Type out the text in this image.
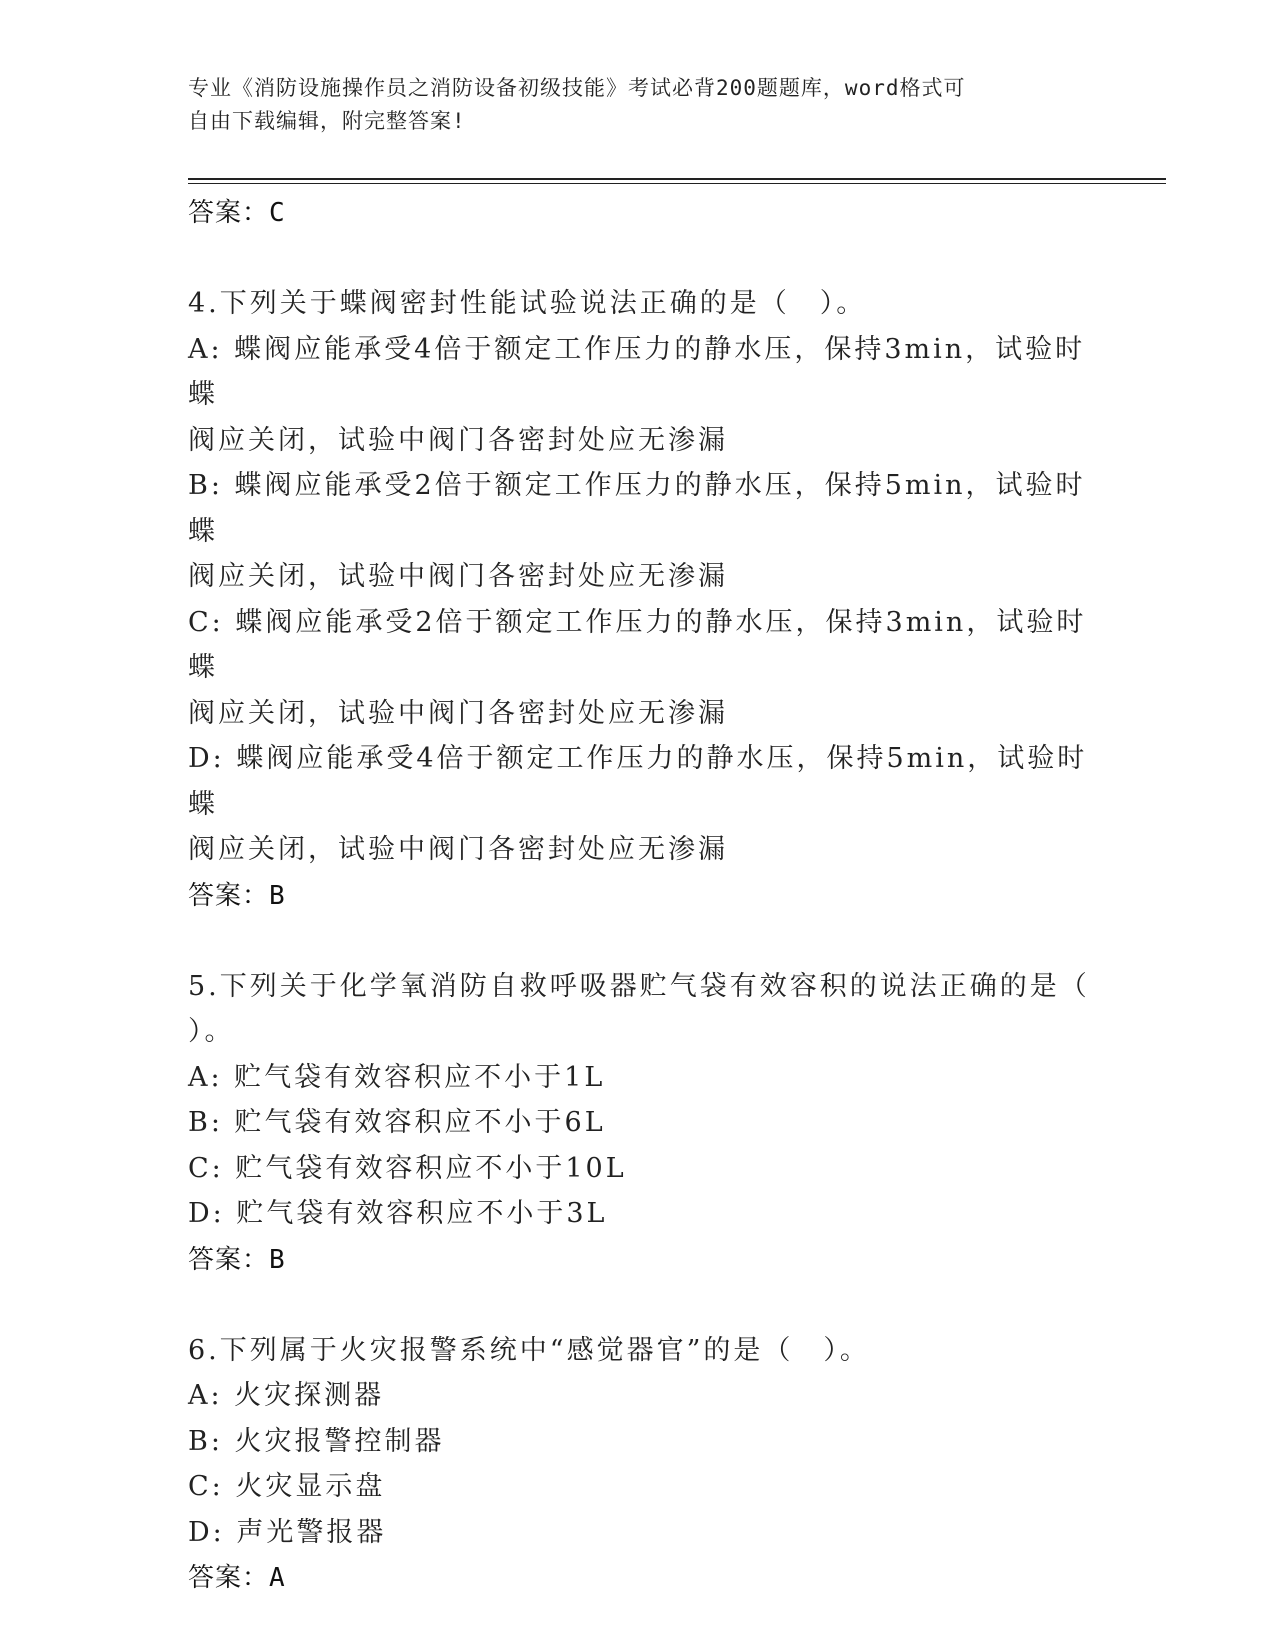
专业《消防设施操作员之消防设备初级技能》考试必背200题题库，word格式可
自由下载编辑，附完整答案!
答案：C
4.下列关于蝶阀密封性能试验说法正确的是（　）。
A: 蝶阀应能承受4倍于额定工作压力的静水压，保持3min，试验时蝶
阀应关闭，试验中阀门各密封处应无渗漏
B: 蝶阀应能承受2倍于额定工作压力的静水压，保持5min，试验时蝶
阀应关闭，试验中阀门各密封处应无渗漏
C: 蝶阀应能承受2倍于额定工作压力的静水压，保持3min，试验时蝶
阀应关闭，试验中阀门各密封处应无渗漏
D: 蝶阀应能承受4倍于额定工作压力的静水压，保持5min，试验时蝶
阀应关闭，试验中阀门各密封处应无渗漏
答案：B
5.下列关于化学氧消防自救呼吸器贮气袋有效容积的说法正确的是（
）。
A: 贮气袋有效容积应不小于1L
B: 贮气袋有效容积应不小于6L
C: 贮气袋有效容积应不小于10L
D: 贮气袋有效容积应不小于3L
答案：B
6.下列属于火灾报警系统中“感觉器官”的是（　）。
A: 火灾探测器
B: 火灾报警控制器
C: 火灾显示盘
D: 声光警报器
答案：A
